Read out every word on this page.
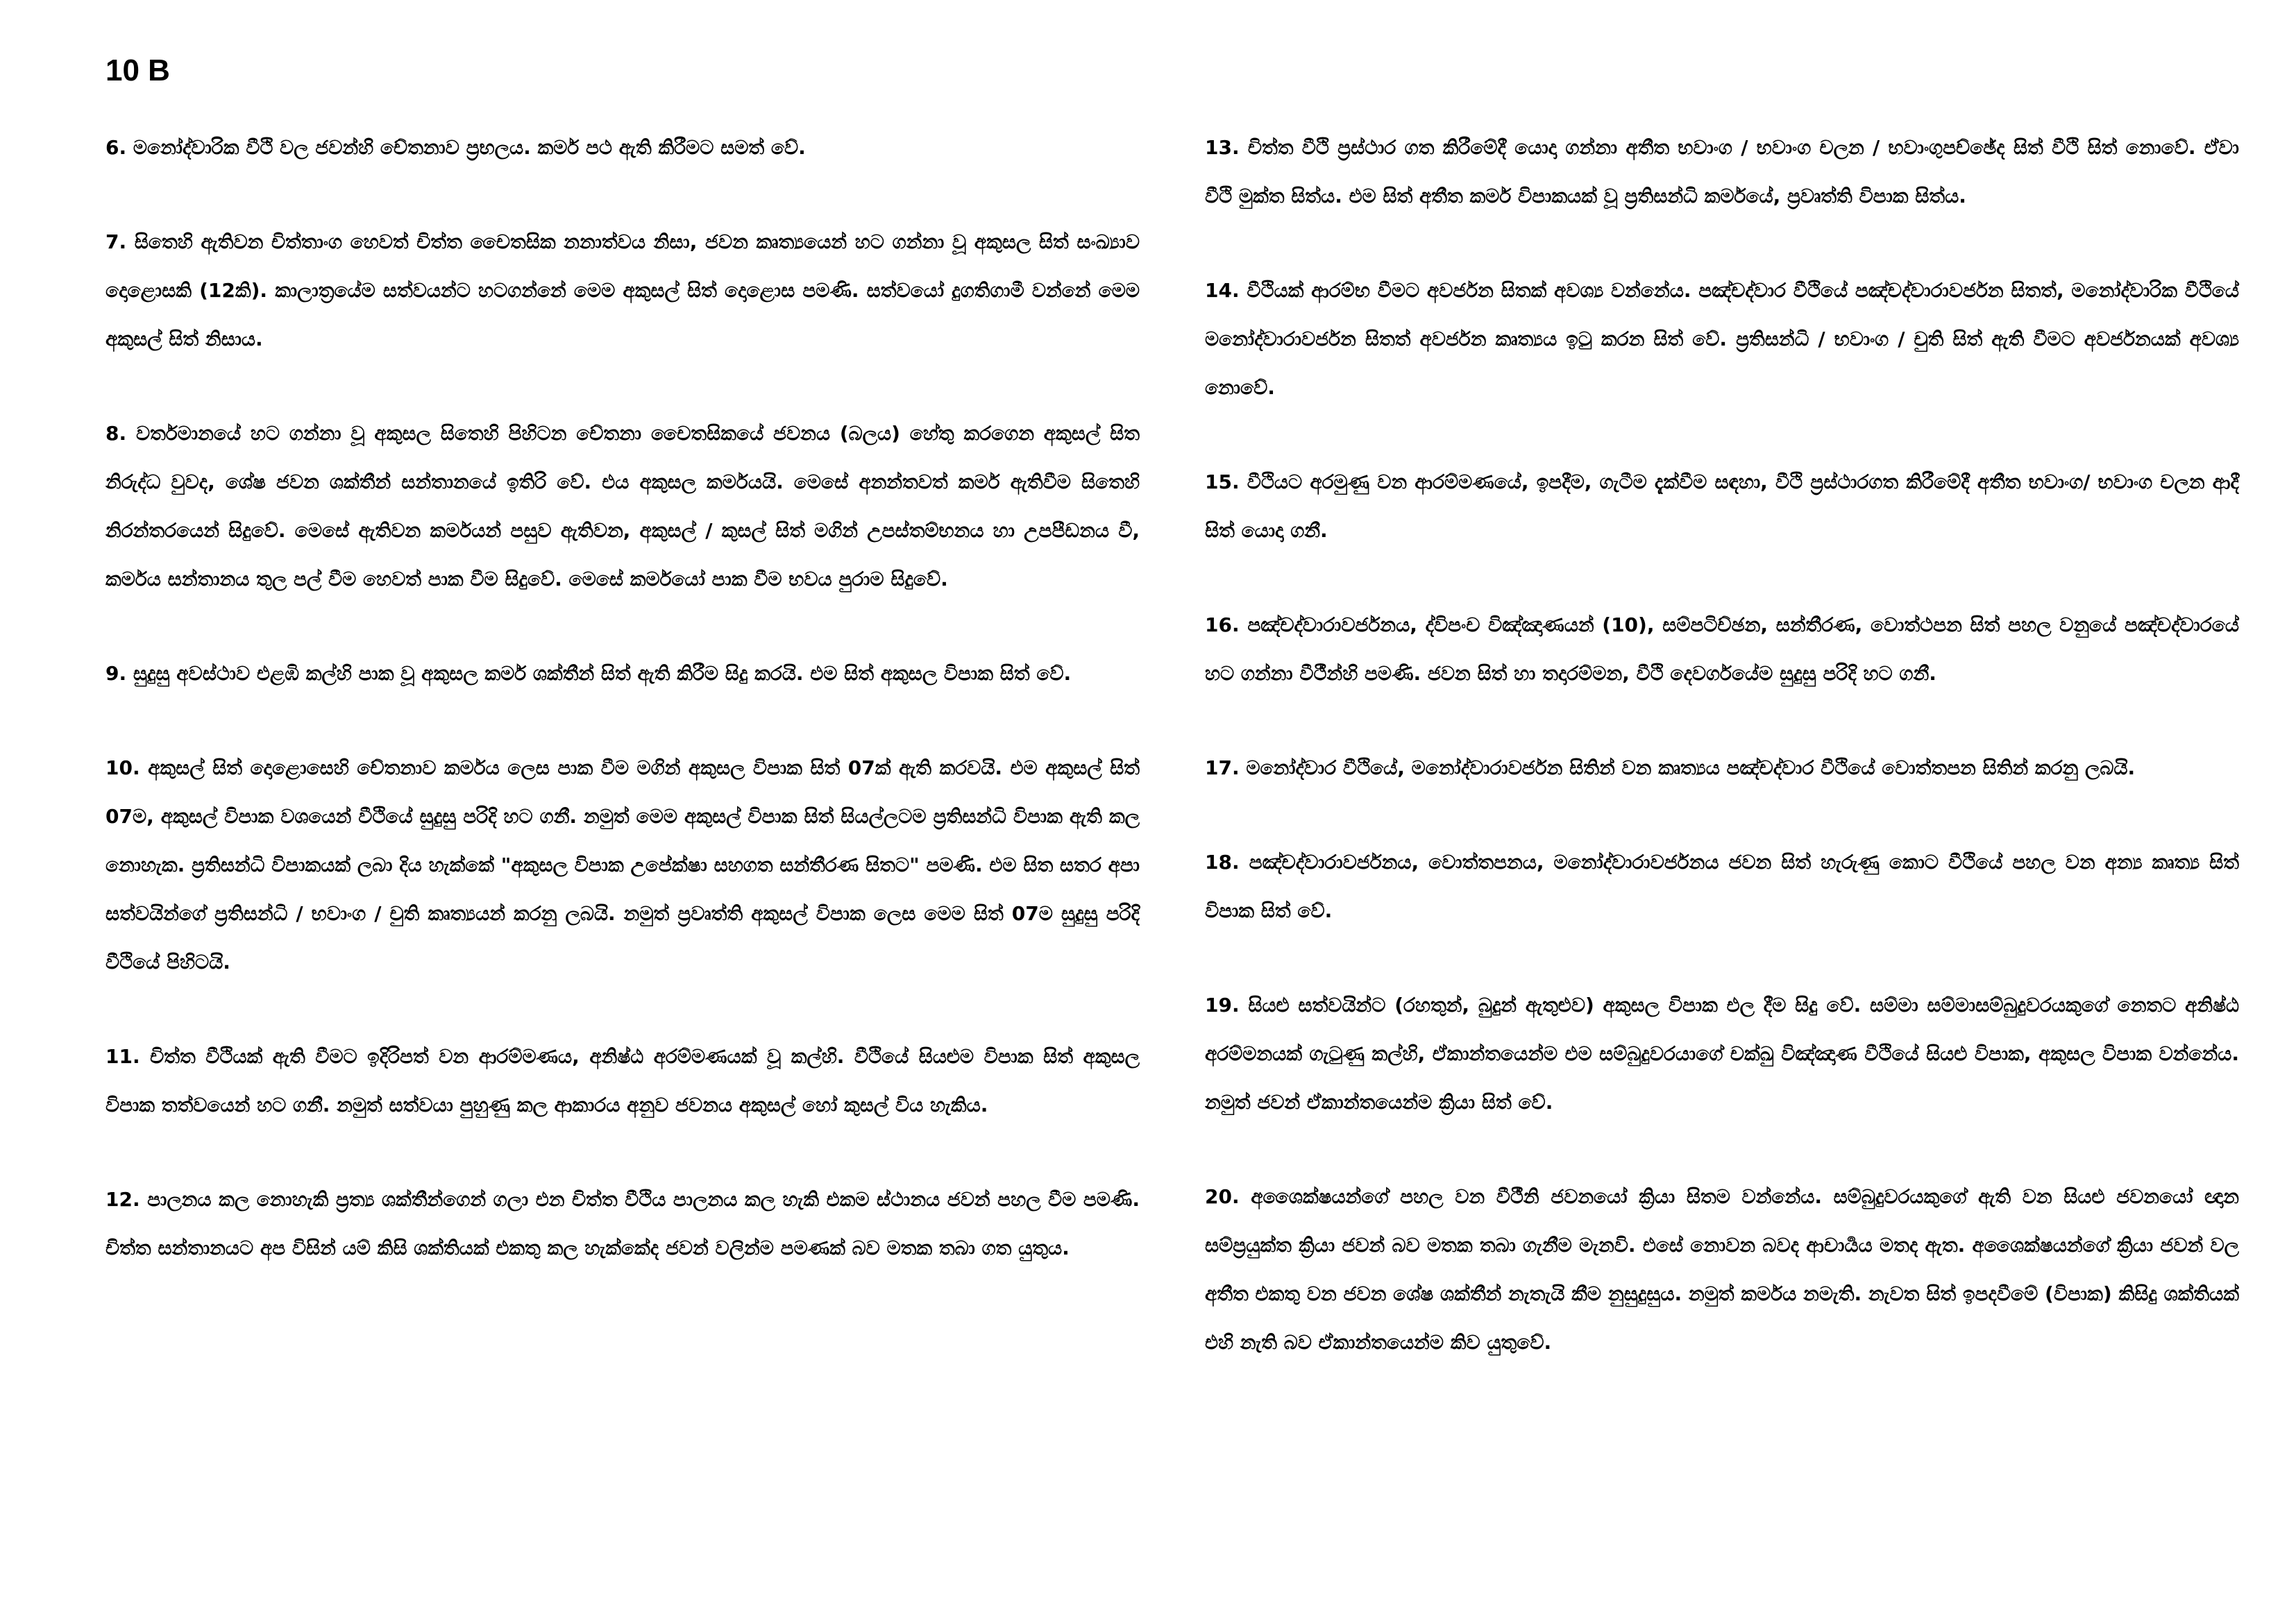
10 B

6. මනෝද්වාරික වීථි වල ජවන්හි චේතනාව ප්‍රභලය. කර්ම පථ ඇති කිරීමට සමත් වේ.

7. සිතෙහි ඇතිවන චිත්තාංග හෙවත් චිත්ත චෛතසික නනාත්වය නිසා, ජවන කෘත්‍යයෙන් හට ගන්නා වූ අකුසල සිත් සංඛ්‍යාව දොළොසකි (12කි). කාලාත්‍රයේම සත්වයන්ට හටගන්නේ මෙම අකුසල් සිත් දොළොස පමණි. සත්වයෝ දුගතිගාමී වන්නේ මෙම අකුසල් සිත් නිසාය.

8. වර්තමානයේ හට ගන්නා වූ අකුසල සිතෙහි පිහිටන චේතනා චෛතසිකයේ ජවනය (බලය) හේතු කරගෙන අකුසල් සිත නිරුද්ධ වුවද, ශේෂ ජවන ශක්තීන් සන්තානයේ ඉතිරි වේ. එය අකුසල කර්මයයි. මෙසේ අනන්තවත් කර්ම ඇතිවීම සිතෙහි නිරන්තරයෙන් සිදුවේ. මෙසේ ඇතිවන කර්මයන් පසුව ඇතිවන, අකුසල් / කුසල් සිත් මගින් උපස්තම්භනය හා උපපීඩනය වී, කර්මය සන්තානය තුල පල් වීම හෙවත් පාක වීම සිදුවේ. මෙසේ කර්මයෝ පාක වීම භවය පුරාම සිදුවේ.

9. සුදුසු අවස්ථාව එළඹි කල්හි පාක වූ අකුසල කර්ම ශක්තීන් සිත් ඇති කිරීම සිදු කරයි. එම සිත් අකුසල විපාක සිත් වේ.

10. අකුසල් සිත් දොළොසෙහි චේතනාව කර්මය ලෙස පාක වීම මගින් අකුසල විපාක සිත් 07ක් ඇති කරවයි. එම අකුසල් සිත් 07ම, අකුසල් විපාක වශයෙන් වීථියේ සුදුසු පරිදි හට ගනී. නමුත් මෙම අකුසල් විපාක සිත් සියල්ලටම ප්‍රතිසන්ධි විපාක ඇති කල නොහැක. ප්‍රතිසන්ධි විපාකයක් ලබා දිය හැක්කේ "අකුසල විපාක උපේක්ෂා සහගත සන්තීරණ සිතට" පමණි. එම සිත සතර අපා සත්වයින්ගේ ප්‍රතිසන්ධි / භවාංග / චුති කෘත්‍යයන් කරනු ලබයි. නමුත් ප්‍රවෘත්ති අකුසල් විපාක ලෙස මෙම සිත් 07ම සුදුසු පරිදි වීථියේ පිහිටයි.

11. චිත්ත වීථියක් ඇති වීමට ඉදිරිපත් වන ආරම්මණය, අනිෂ්ඨ අරම්මණයක් වූ කල්හි. වීථියේ සියළුම විපාක සිත් අකුසල විපාක තත්වයෙන් හට ගනී. නමුත් සත්වයා පුහුණු කල ආකාරය අනුව ජවනය අකුසල් හෝ කුසල් විය හැකිය.

12. පාලනය කල නොහැකි ප්‍රත්‍ය ශක්තීන්ගෙන් ගලා එන චිත්ත වීථිය පාලනය කල හැකි එකම ස්ථානය ජවන් පහල වීම පමණි. චිත්ත සන්තානයට අප විසින් යම් කිසි ශක්තියක් එකතු කල හැක්කේද ජවන් වලින්ම පමණක් බව මතක තබා ගත යුතුය.

13. චිත්ත වීථි ප්‍රස්ථාර ගත කිරීමේදී යොදා ගන්නා අතීත භවාංග / භවාංග චලන / භවාංගුපච්ඡේද සිත් වීථි සිත් නොවේ. ඒවා වීථි මුක්ත සිත්ය. එම සිත් අතීත කර්ම විපාකයක් වූ ප්‍රතිසන්ධි කර්මයේ, ප්‍රවෘත්ති විපාක සිත්ය.

14. වීථියක් ආරම්භ වීමට අවර්ජන සිතක් අවශ්‍ය වන්නේය. පඤ්චද්වාර වීථියේ පඤ්චද්වාරාවර්ජන සිතත්, මනෝද්වාරික වීථියේ මනෝද්වාරාවර්ජන සිතත් අවර්ජන කෘත්‍යය ඉටු කරන සිත් වේ. ප්‍රතිසන්ධි / භවාංග / චුති සිත් ඇති වීමට අවර්ජනයක් අවශ්‍ය නොවේ.

15. වීථියට අරමුණු වන ආරම්මණයේ, ඉපදීම, ගැටීම දැක්වීම සඳහා, වීථි ප්‍රස්ථාරගත කිරීමේදී අතීත භවාංග/ භවාංග චලන ආදී සිත් යොදා ගනී.

16. පඤ්චද්වාරාවර්ජනය, ද්විපංච විඤ්ඤාණයන් (10), සම්පටිච්ඡන, සන්තීරණ, වොත්ථපන සිත් පහල වනුයේ පඤ්චද්වාරයේ හට ගන්නා වීථීන්හි පමණි. ජවන සිත් හා තදාරම්මන, වීථි දෙවර්ගයේම සුදුසු පරිදි හට ගනී.

17. මනෝද්වාර වීථියේ, මනෝද්වාරාවර්ජන සිතින් වන කෘත්‍යය පඤ්චද්වාර වීථියේ වොත්තපන සිතින් කරනු ලබයි.

18. පඤ්චද්වාරාවර්ජනය, වොත්තපනය, මනෝද්වාරාවර්ජනය ජවන සිත් හැරුණු කොට වීථියේ පහල වන අන්‍ය කෘත්‍ය සිත් විපාක සිත් වේ.

19. සියළු සත්වයින්ට (රහතුන්, බුදුන් ඇතුළුව) අකුසල විපාක එල දීම සිදු වේ. සම්මා සම්මාසම්බුදුවරයකුගේ නෙතට අනිෂ්ඨ අරම්මනයක් ගැටුණු කල්හි, ඒකාන්තයෙන්ම එම සම්බුදුවරයාගේ චක්ඛු විඤ්ඤාණ වීථියේ සියළු විපාක, අකුසල විපාක වන්නේය. නමුත් ජවන් ඒකාන්තයෙන්ම ක්‍රියා සිත් වේ.

20. අශෛක්ෂයන්ගේ පහල වන වීථීනි ජවනයෝ ක්‍රියා සිතම වන්නේය. සම්බුදුවරයකුගේ ඇති වන සියළු ජවනයෝ ඥාන සම්ප්‍රයුක්ත ක්‍රියා ජවන් බව මතක තබා ගැනීම මැනවි. එසේ නොවන බවද ආචාර්‍යය මතද ඇත. අශෛක්ෂයන්ගේ ක්‍රියා ජවන් වල අතීත එකතු වන ජවන ශේෂ ශක්තීන් නැතැයි කීම නුසුදුසුය. නමුත් කර්මය නමැති. නැවත සිත් ඉපදවීමේ (විපාක) කිසිදු ශක්තියක් එහි නැති බව ඒකාන්තයෙන්ම කිව යුතුවේ.
